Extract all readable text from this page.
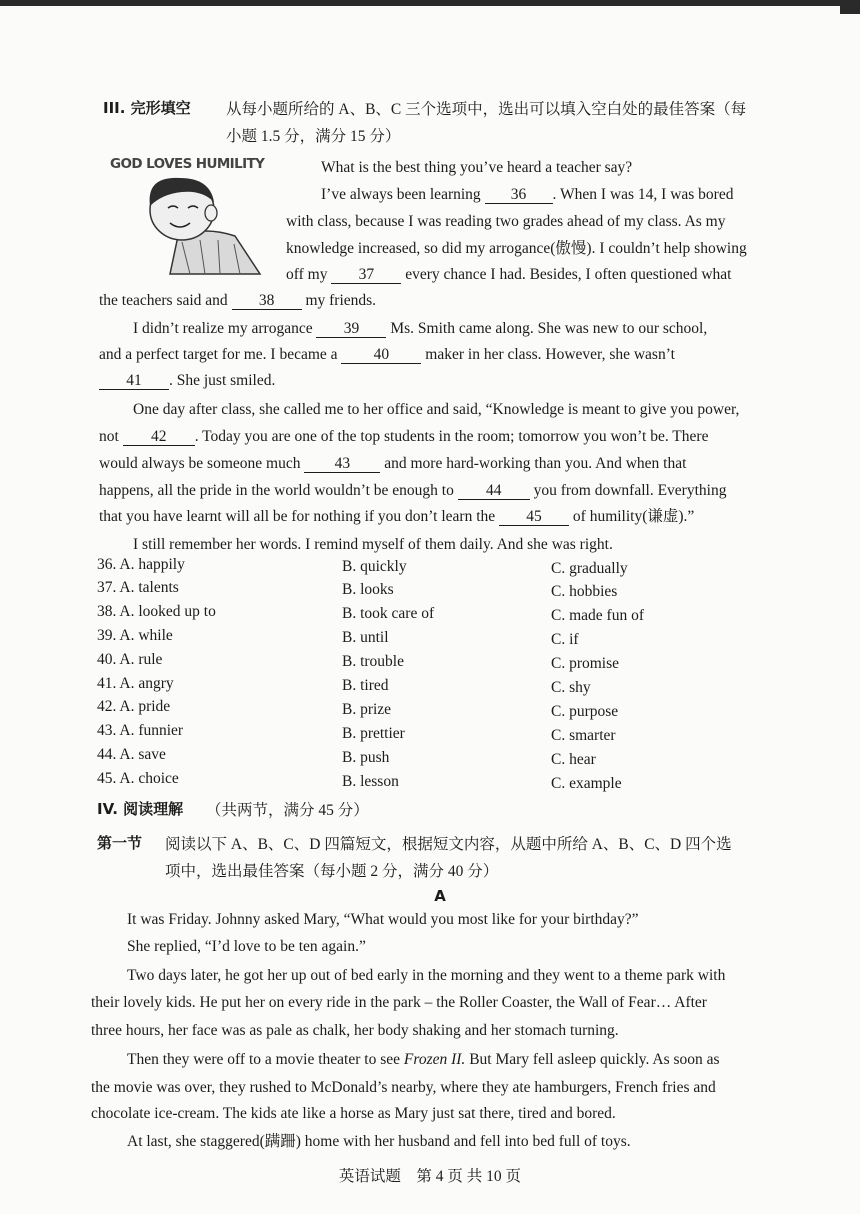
III. 完形填空 从每小题所给的 A、B、C 三个选项中，选出可以填入空白处的最佳答案（每
小题 1.5 分，满分 15 分）
GOD LOVES HUMILITY	What is the best thing you’ve heard a teacher say?
I’ve always been learning 36 . When I was 14, I was bored
with class, because I was reading two grades ahead of my class. As my
knowledge increased, so did my arrogance(傲慢). I couldn’t help showing
off my 37 every chance I had. Besides, I often questioned what
the teachers said and 38 my friends.
I didn’t realize my arrogance 39 Ms. Smith came along. She was new to our school,
and a perfect target for me. I became a 40 maker in her class. However, she wasn’t
41 . She just smiled.
One day after class, she called me to her office and said, “Knowledge is meant to give you power,
not 42 . Today you are one of the top students in the room; tomorrow you won’t be. There
would always be someone much 43 and more hard-working than you. And when that
happens, all the pride in the world wouldn’t be enough to 44 you from downfall. Everything
that you have learnt will all be for nothing if you don’t learn the 45 of humility(谦虚).”
I still remember her words. I remind myself of them daily. And she was right.
36. A. happily	B. quickly	C. gradually
37. A. talents	B. looks	C. hobbies
38. A. looked up to	B. took care of	C. made fun of
39. A. while	B. until	C. if
40. A. rule	B. trouble	C. promise
41. A. angry	B. tired	C. shy
42. A. pride	B. prize	C. purpose
43. A. funnier	B. prettier	C. smarter
44. A. save	B. push	C. hear
45. A. choice	B. lesson	C. example
IV. 阅读理解 （共两节，满分 45 分）
第一节 阅读以下 A、B、C、D 四篇短文，根据短文内容，从题中所给 A、B、C、D 四个选
项中，选出最佳答案（每小题 2 分，满分 40 分）
A
It was Friday. Johnny asked Mary, “What would you most like for your birthday?”
She replied, “I’d love to be ten again.”
Two days later, he got her up out of bed early in the morning and they went to a theme park with
their lovely kids. He put her on every ride in the park – the Roller Coaster, the Wall of Fear… After
three hours, her face was as pale as chalk, her body shaking and her stomach turning.
Then they were off to a movie theater to see Frozen II. But Mary fell asleep quickly. As soon as
the movie was over, they rushed to McDonald’s nearby, where they ate hamburgers, French fries and
chocolate ice-cream. The kids ate like a horse as Mary just sat there, tired and bored.
At last, she staggered(蹒跚) home with her husband and fell into bed full of toys.
英语试题　第 4 页 共 10 页
